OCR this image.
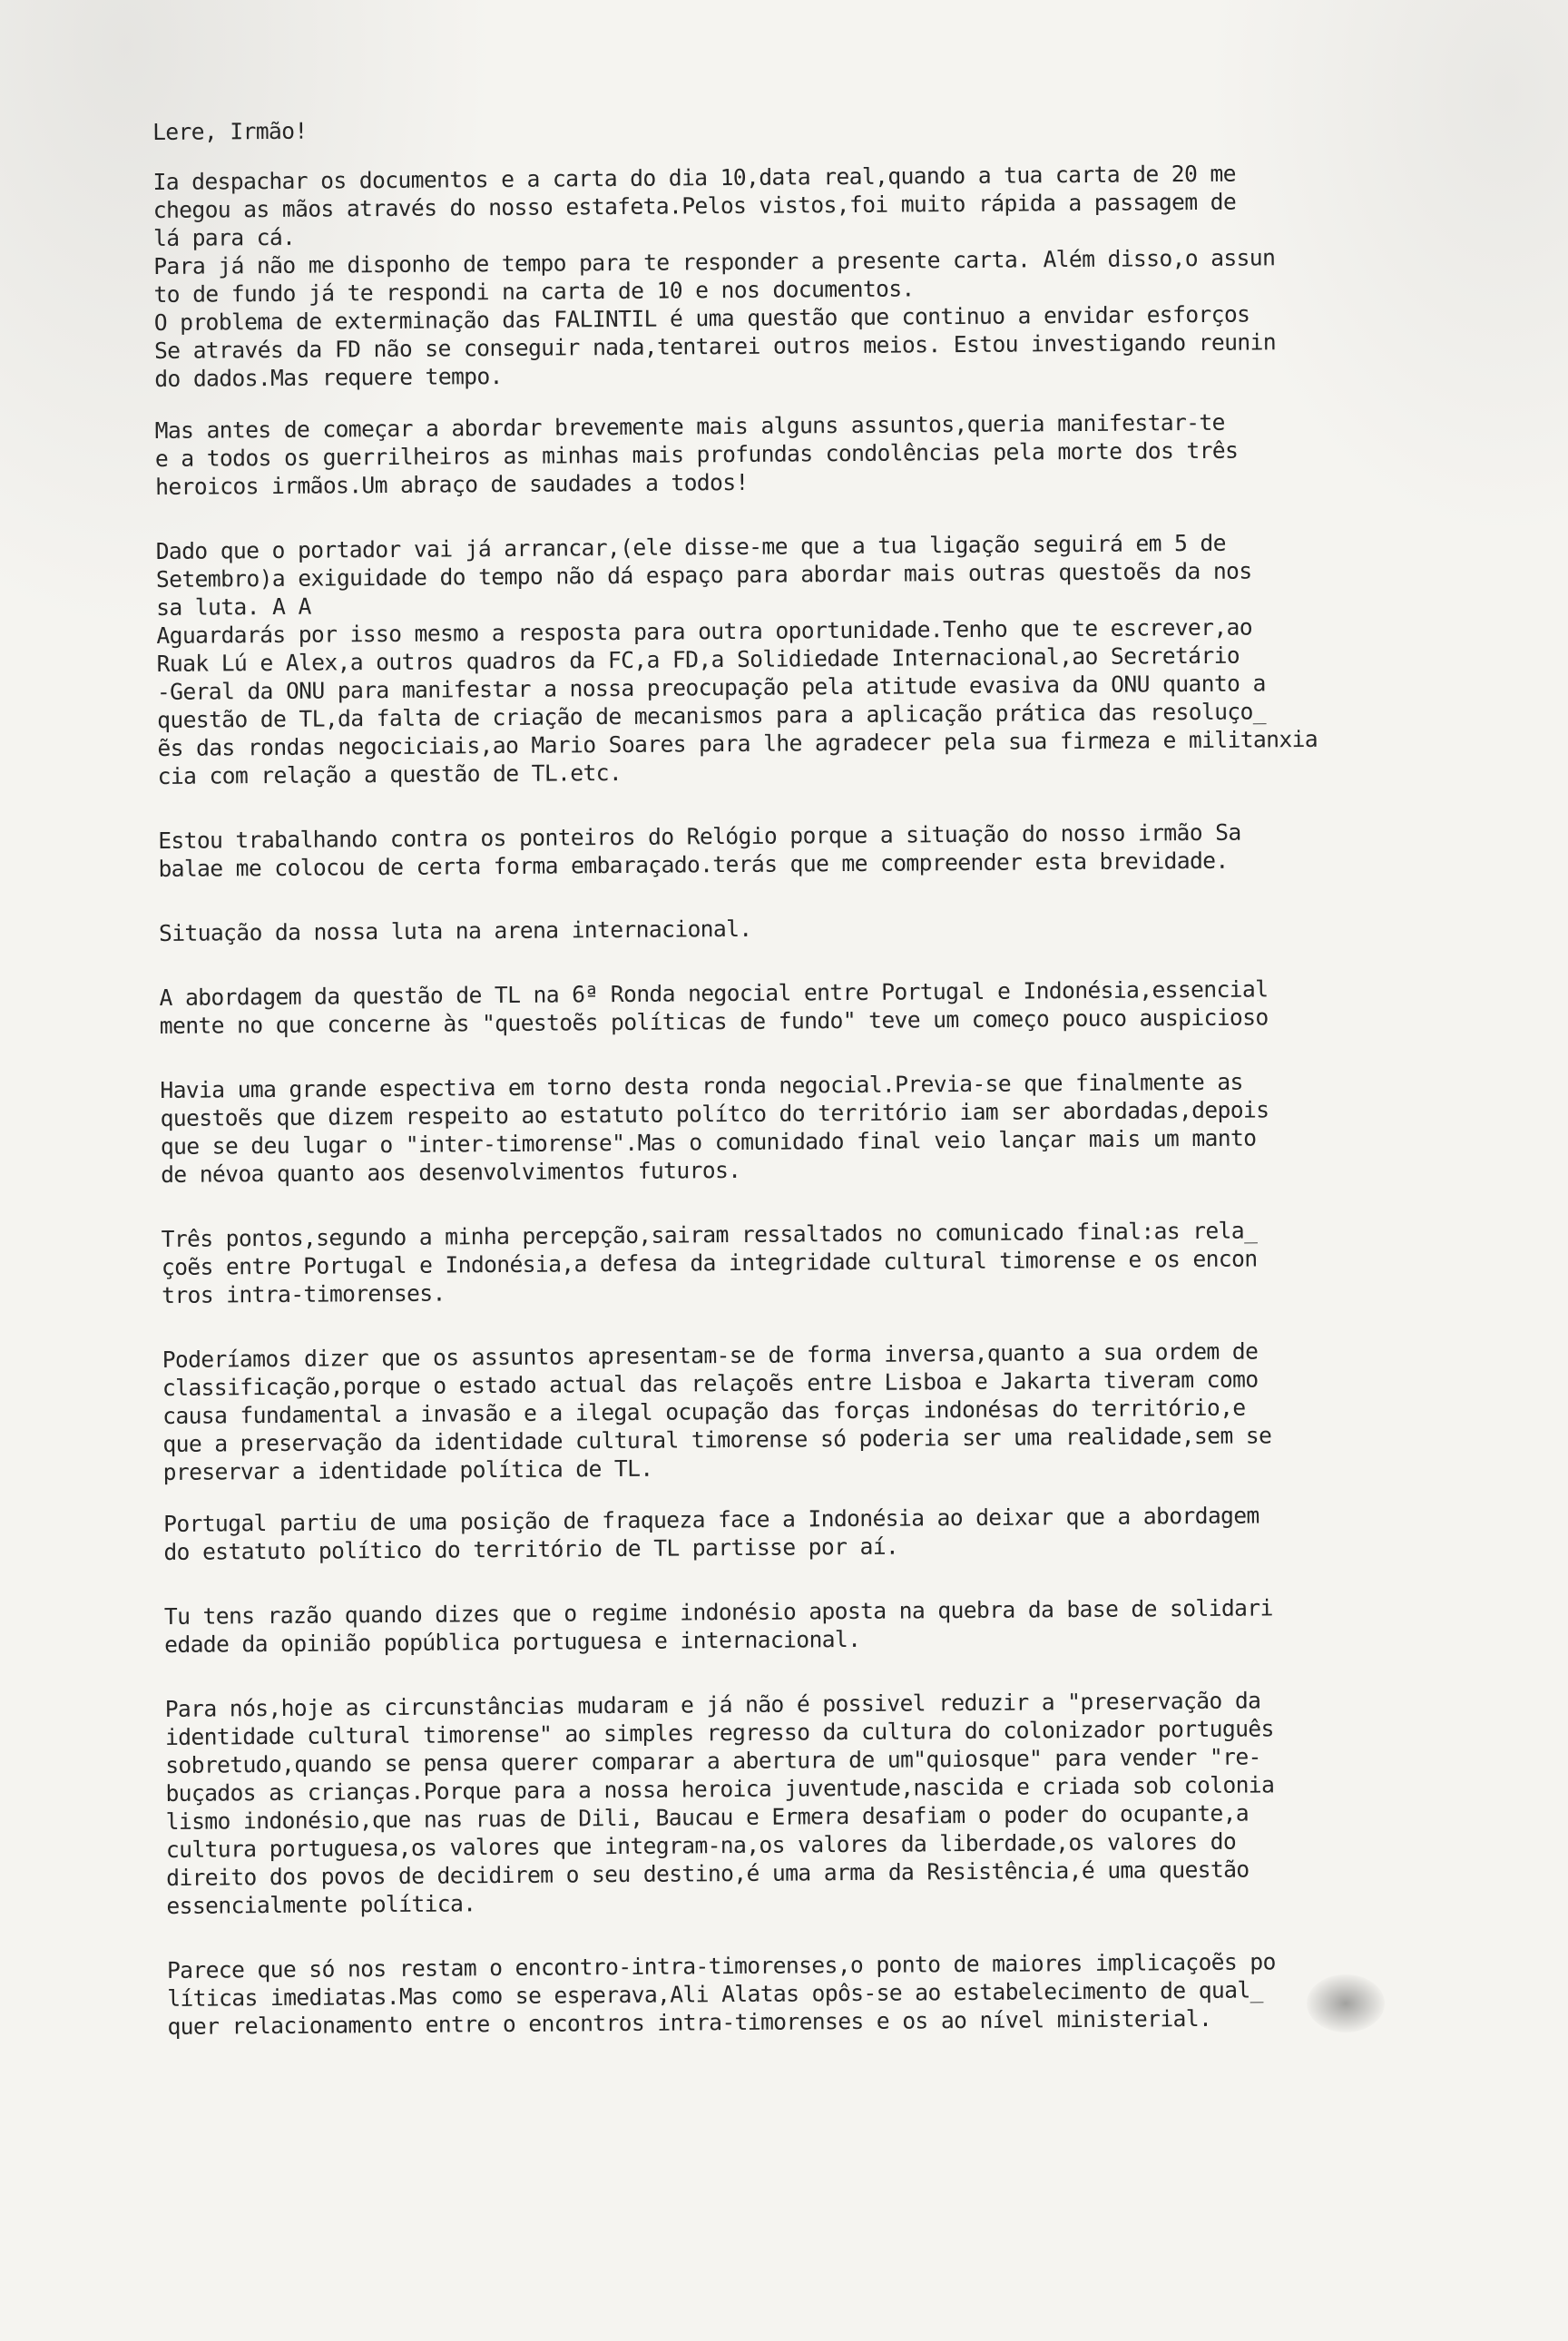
Lere, Irmão!
Ia despachar os documentos e a carta do dia 10,data real,quando a tua carta de 20 me
chegou as mãos através do nosso estafeta.Pelos vistos,foi muito rápida a passagem de
lá para cá.
Para já não me disponho de tempo para te responder a presente carta. Além disso,o assun
to de fundo já te respondi na carta de 10 e nos documentos.
O problema de exterminação das FALINTIL é uma questão que continuo a envidar esforços
Se através da FD não se conseguir nada,tentarei outros meios. Estou investigando reunin
do dados.Mas requere tempo.
Mas antes de começar a abordar brevemente mais alguns assuntos,queria manifestar-te
e a todos os guerrilheiros as minhas mais profundas condolências pela morte dos três
heroicos irmãos.Um abraço de saudades a todos!
Dado que o portador vai já arrancar,(ele disse-me que a tua ligação seguirá em 5 de
Setembro)a exiguidade do tempo não dá espaço para abordar mais outras questoẽs da nos
sa luta. A A
Aguardarás por isso mesmo a resposta para outra oportunidade.Tenho que te escrever,ao
Ruak Lú e Alex,a outros quadros da FC,a FD,a Solidiedade Internacional,ao Secretário
-Geral da ONU para manifestar a nossa preocupação pela atitude evasiva da ONU quanto a
questão de TL,da falta de criação de mecanismos para a aplicação prática das resoluço_
ẽs das rondas negociciais,ao Mario Soares para lhe agradecer pela sua firmeza e militanxia
cia com relação a questão de TL.etc.
Estou trabalhando contra os ponteiros do Relógio porque a situação do nosso irmão Sa
balae me colocou de certa forma embaraçado.terás que me compreender esta brevidade.
Situação da nossa luta na arena internacional.
A abordagem da questão de TL na 6ª Ronda negocial entre Portugal e Indonésia,essencial
mente no que concerne às "questoẽs políticas de fundo" teve um começo pouco auspicioso
Havia uma grande espectiva em torno desta ronda negocial.Previa-se que finalmente as
questoẽs que dizem respeito ao estatuto polítco do território iam ser abordadas,depois
que se deu lugar o "inter-timorense".Mas o comunidado final veio lançar mais um manto
de névoa quanto aos desenvolvimentos futuros.
Três pontos,segundo a minha percepção,sairam ressaltados no comunicado final:as rela_
çoẽs entre Portugal e Indonésia,a defesa da integridade cultural timorense e os encon
tros intra-timorenses.
Poderíamos dizer que os assuntos apresentam-se de forma inversa,quanto a sua ordem de
classificação,porque o estado actual das relaçoẽs entre Lisboa e Jakarta tiveram como
causa fundamental a invasão e a ilegal ocupação das forças indonésas do território,e
que a preservação da identidade cultural timorense só poderia ser uma realidade,sem se
preservar a identidade política de TL.
Portugal partiu de uma posição de fraqueza face a Indonésia ao deixar que a abordagem
do estatuto político do território de TL partisse por aí.
Tu tens razão quando dizes que o regime indonésio aposta na quebra da base de solidari
edade da opinião popública portuguesa e internacional.
Para nós,hoje as circunstâncias mudaram e já não é possivel reduzir a "preservação da
identidade cultural timorense" ao simples regresso da cultura do colonizador português
sobretudo,quando se pensa querer comparar a abertura de um"quiosque" para vender "re-
buçados as crianças.Porque para a nossa heroica juventude,nascida e criada sob colonia
lismo indonésio,que nas ruas de Dili, Baucau e Ermera desafiam o poder do ocupante,a
cultura portuguesa,os valores que integram-na,os valores da liberdade,os valores do
direito dos povos de decidirem o seu destino,é uma arma da Resistência,é uma questão
essencialmente política.
Parece que só nos restam o encontro-intra-timorenses,o ponto de maiores implicaçoẽs po
líticas imediatas.Mas como se esperava,Ali Alatas opôs-se ao estabelecimento de qual_
quer relacionamento entre o encontros intra-timorenses e os ao nível ministerial.
